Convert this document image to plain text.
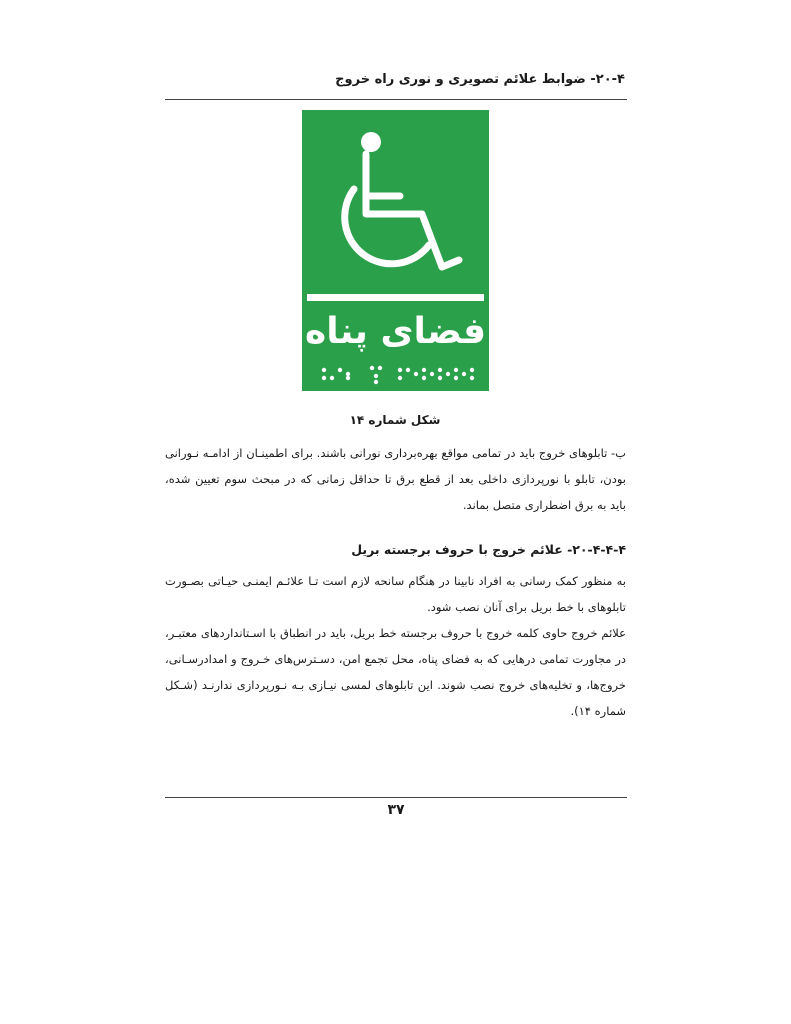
۲۰-۴- ضوابط علائم تصویری و نوری راه خروج
فضای پناه
شکل شماره ۱۴
ب- تابلوهای خروج باید در تمامی مواقع بهره‌برداری نورانی باشند. برای اطمینـان از ادامـه نـورانی بودن، تابلو با نورپردازی داخلی بعد از قطع برق تا حداقل زمانی که در مبحث سوم تعیین شده، باید به برق اضطراری متصل بماند.
۲۰-۴-۴-۴- علائم خروج با حروف برجسته بریل
به منظور کمک رسانی به افراد نابینا در هنگام سانحه لازم است تـا علائـم ایمنـی حیـاتی بصـورت تابلوهای با خط بریل برای آنان نصب شود.
علائم خروج حاوی کلمه خروج با حروف برجسته خط بریل، باید در انطباق با اسـتانداردهای معتبـر، در مجاورت تمامی درهایی که به فضای پناه، محل تجمع امن، دسـترس‌های خـروج و امدادرسـانی، خروج‌ها، و تخلیه‌های خروج نصب شوند. این تابلوهای لمسی نیـازی بـه نـورپردازی ندارنـد (شـکل شماره ۱۴).
۳۷
